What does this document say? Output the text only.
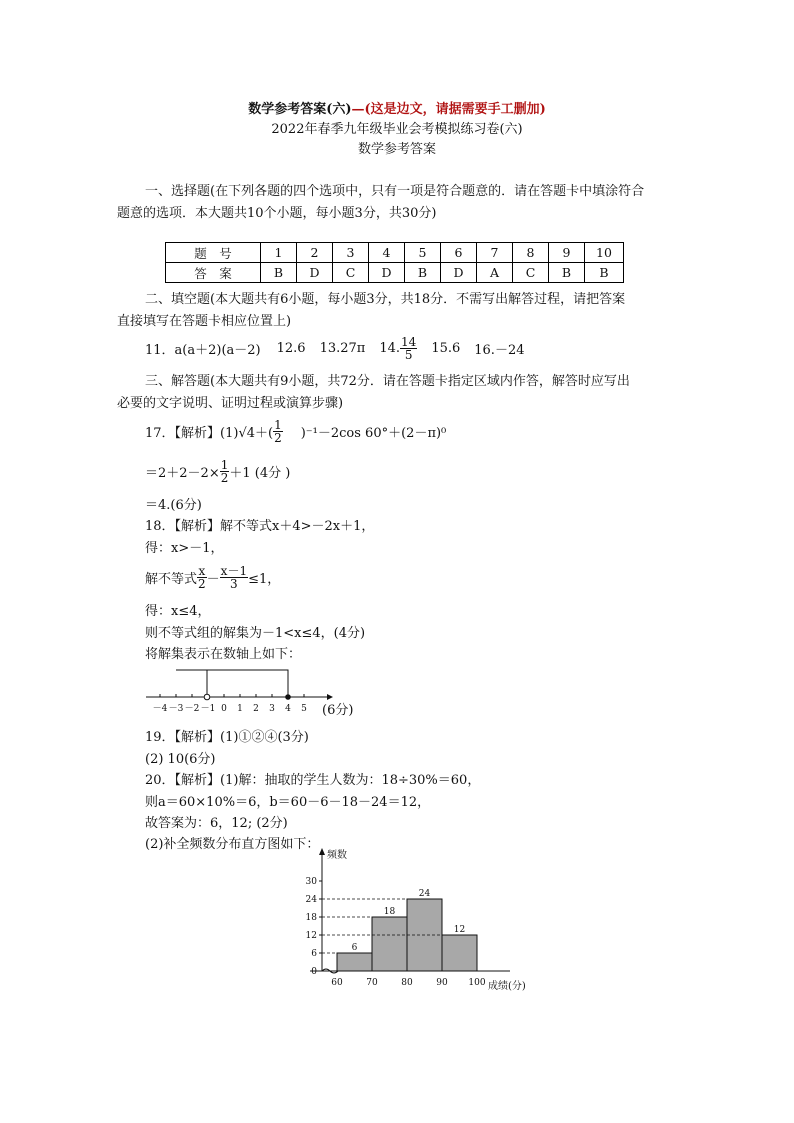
数学参考答案(六)—(这是边文，请据需要手工删加)
2022年春季九年级毕业会考模拟练习卷(六)
数学参考答案
一、选择题(在下列各题的四个选项中，只有一项是符合题意的．请在答题卡中填涂符合
题意的选项．本大题共10个小题，每小题3分，共30分)
题　号	1	2	3	4	5	6	7	8	9	10
答　案	B	D	C	D	B	D	A	C	B	B
二、填空题(本大题共有6小题，每小题3分，共18分．不需写出解答过程，请把答案
直接填写在答题卡相应位置上)
11．a(a＋2)(a－2) 12.6 13.27π 14. $\frac{14}{5} 15.6$ 16.－24
三、解答题(本大题共有9小题，共72分．请在答题卡指定区域内作答，解答时应写出
必要的文字说明、证明过程或演算步骤)
17．【解析】$(1)√4+( \frac{1}{2} )^{-1}-2\cos$ 60°＋(2－π)⁰
$=2+2-2\times \frac{1}{2} +1$ (4分 )
＝4.(6分)
18．【解析】解不等式x＋4>－2x＋1，
得：x>－1，
解不等式 $\frac{x}{2} - \frac{x-1}{3} \le 1$，
得：x≤4，
则不等式组的解集为－1<x≤4，(4分)
将解集表示在数轴上如下：
－4 －3 －2 －1 0 1 2 3 4 5 (6分)
19．【解析】(1)①②④(3分)
(2) 10(6分)
20．【解析】(1)解：抽取的学生人数为：18÷30%＝60，
则a＝60×10%＝6，b＝60－6－18－24＝12，
故答案为：6，12; (2分)
(2)补全频数分布直方图如下：
0
6
12
18
24
30
6
18
24
12
60	70	80	90 100
频数
成绩(分)
